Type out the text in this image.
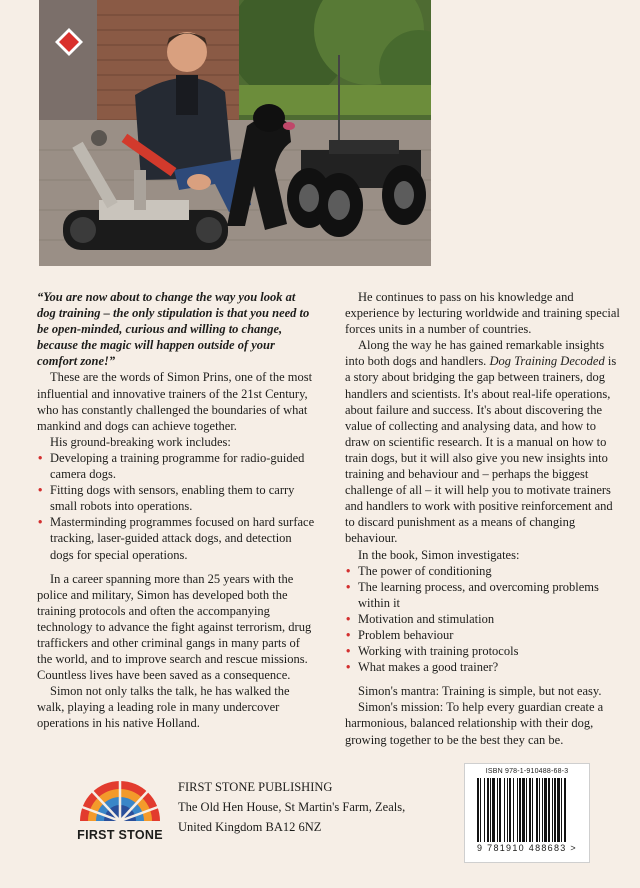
“You are now about to change the way you look at dog training – the only stipulation is that you need to be open-minded, curious and willing to change, because the magic will happen outside of your comfort zone!”

These are the words of Simon Prins, one of the most influential and innovative trainers of the 21st Century, who has constantly challenged the boundaries of what mankind and dogs can achieve together.

His ground-breaking work includes:

• Developing a training programme for radio-guided camera dogs.
• Fitting dogs with sensors, enabling them to carry small robots into operations.
• Masterminding programmes focused on hard surface tracking, laser-guided attack dogs, and detection dogs for special operations.

In a career spanning more than 25 years with the police and military, Simon has developed both the training protocols and often the accompanying technology to advance the fight against terrorism, drug traffickers and other criminal gangs in many parts of the world, and to improve search and rescue missions. Countless lives have been saved as a consequence.

Simon not only talks the talk, he has walked the walk, playing a leading role in many undercover operations in his native Holland.

He continues to pass on his knowledge and experience by lecturing worldwide and training special forces units in a number of countries.

Along the way he has gained remarkable insights into both dogs and handlers. Dog Training Decoded is a story about bridging the gap between trainers, dog handlers and scientists. It's about real-life operations, about failure and success. It's about discovering the value of collecting and analysing data, and how to draw on scientific research. It is a manual on how to train dogs, but it will also give you new insights into training and behaviour and – perhaps the biggest challenge of all – it will help you to motivate trainers and handlers to work with positive reinforcement and to discard punishment as a means of changing behaviour.

In the book, Simon investigates:

• The power of conditioning
• The learning process, and overcoming problems within it
• Motivation and stimulation
• Problem behaviour
• Working with training protocols
• What makes a good trainer?

Simon's mantra: Training is simple, but not easy.

Simon's mission: To help every guardian create a harmonious, balanced relationship with their dog, growing together to be the best they can be.

FIRST STONE
FIRST STONE PUBLISHING
The Old Hen House, St Martin's Farm, Zeals,
United Kingdom BA12 6NZ
ISBN 978-1-910488-68-3
9 781910 488683 >
